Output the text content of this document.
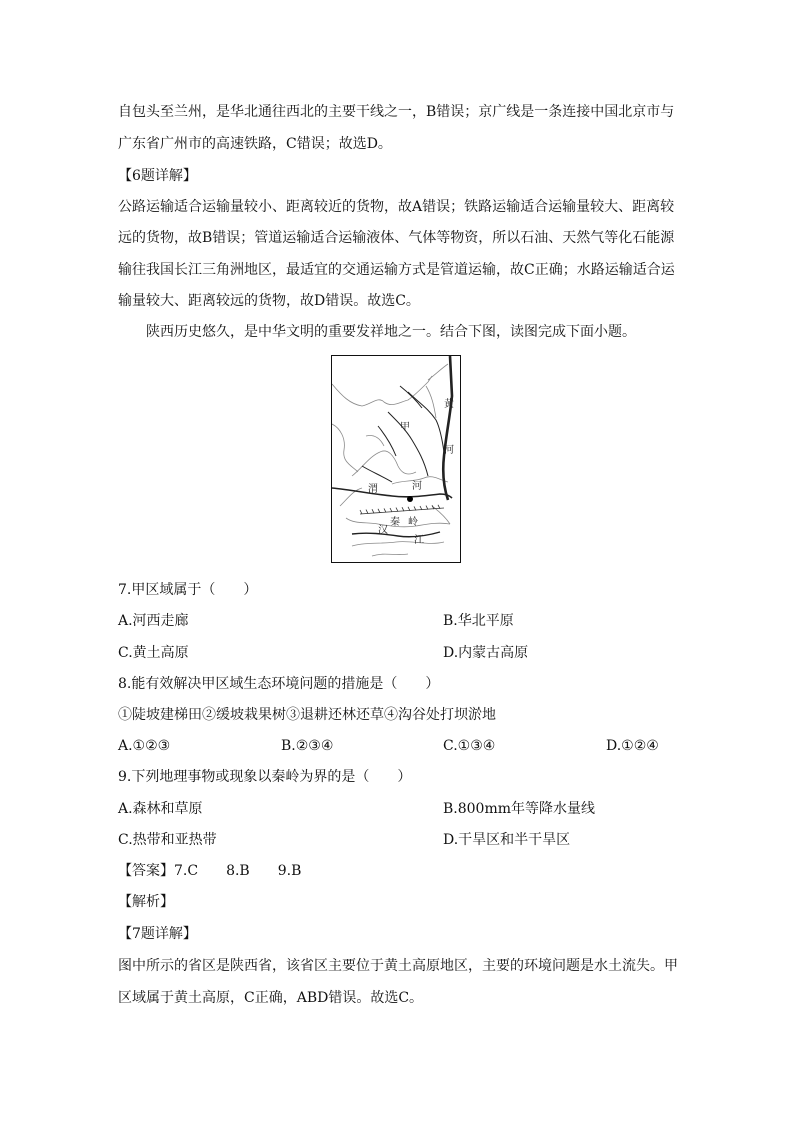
自包头至兰州，是华北通往西北的主要干线之一，B错误；京广线是一条连接中国北京市与
广东省广州市的高速铁路，C错误；故选D。
【6题详解】
公路运输适合运输量较小、距离较近的货物，故A错误；铁路运输适合运输量较大、距离较
远的货物，故B错误；管道运输适合运输液体、气体等物资，所以石油、天然气等化石能源
输往我国长江三角洲地区，最适宜的交通运输方式是管道运输，故C正确；水路运输适合运
输量较大、距离较远的货物，故D错误。故选C。
陕西历史悠久，是中华文明的重要发祥地之一。结合下图，读图完成下面小题。
黄
甲
河
渭	河
秦 岭
汉
江
7.甲区域属于（　　）
A.河西走廊	B.华北平原
C.黄土高原	D.内蒙古高原
8.能有效解决甲区域生态环境问题的措施是（　　）
①陡坡建梯田②缓坡栽果树③退耕还林还草④沟谷处打坝淤地
A.①②③	B.②③④	C.①③④	D.①②④
9.下列地理事物或现象以秦岭为界的是（　　）
A.森林和草原	B.800mm年等降水量线
C.热带和亚热带	D.干旱区和半干旱区
【答案】7.C　　8.B　　9.B
【解析】
【7题详解】
图中所示的省区是陕西省，该省区主要位于黄土高原地区，主要的环境问题是水土流失。甲
区域属于黄土高原，C正确，ABD错误。故选C。
